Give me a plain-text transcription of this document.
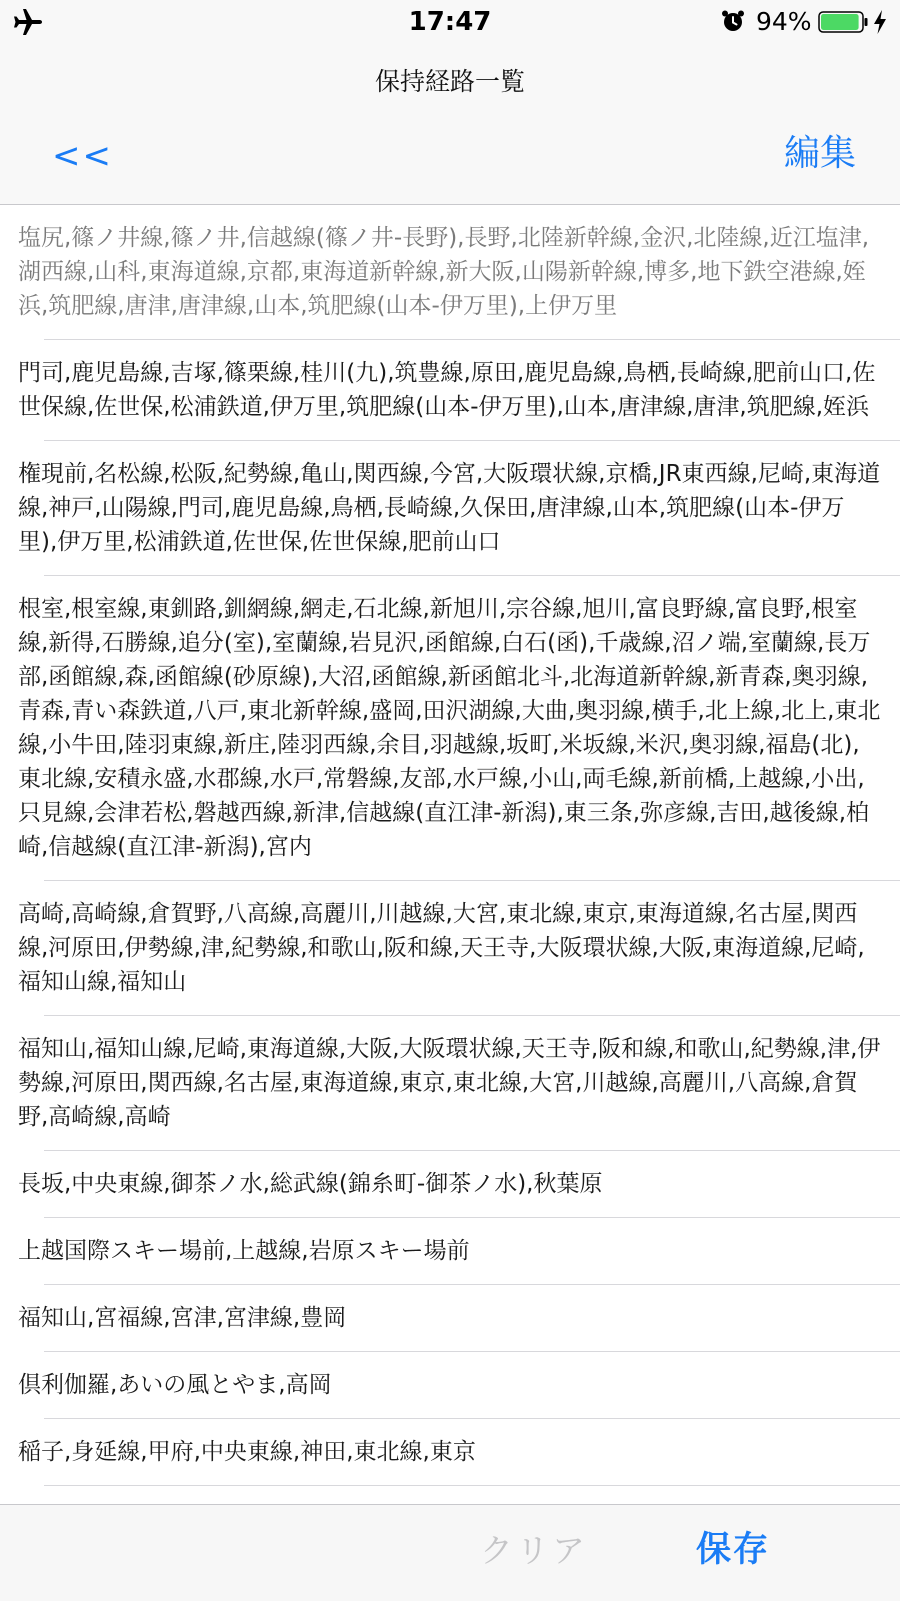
17:47	94%
保持経路一覧
<<	編集
塩尻,篠ノ井線,篠ノ井,信越線(篠ノ井-長野),長野,北陸新幹線,金沢,北陸線,近江塩津,湖西線,山科,東海道線,京都,東海道新幹線,新大阪,山陽新幹線,博多,地下鉄空港線,姪浜,筑肥線,唐津,唐津線,山本,筑肥線(山本-伊万里),上伊万里
門司,鹿児島線,吉塚,篠栗線,桂川(九),筑豊線,原田,鹿児島線,鳥栖,長崎線,肥前山口,佐世保線,佐世保,松浦鉄道,伊万里,筑肥線(山本-伊万里),山本,唐津線,唐津,筑肥線,姪浜
権現前,名松線,松阪,紀勢線,亀山,関西線,今宮,大阪環状線,京橋,JR東西線,尼崎,東海道線,神戸,山陽線,門司,鹿児島線,鳥栖,長崎線,久保田,唐津線,山本,筑肥線(山本-伊万里),伊万里,松浦鉄道,佐世保,佐世保線,肥前山口
根室,根室線,東釧路,釧網線,網走,石北線,新旭川,宗谷線,旭川,富良野線,富良野,根室線,新得,石勝線,追分(室),室蘭線,岩見沢,函館線,白石(函),千歳線,沼ノ端,室蘭線,長万部,函館線,森,函館線(砂原線),大沼,函館線,新函館北斗,北海道新幹線,新青森,奥羽線,青森,青い森鉄道,八戸,東北新幹線,盛岡,田沢湖線,大曲,奥羽線,横手,北上線,北上,東北線,小牛田,陸羽東線,新庄,陸羽西線,余目,羽越線,坂町,米坂線,米沢,奥羽線,福島(北),東北線,安積永盛,水郡線,水戸,常磐線,友部,水戸線,小山,両毛線,新前橋,上越線,小出,只見線,会津若松,磐越西線,新津,信越線(直江津-新潟),東三条,弥彦線,吉田,越後線,柏崎,信越線(直江津-新潟),宮内
高崎,高崎線,倉賀野,八高線,高麗川,川越線,大宮,東北線,東京,東海道線,名古屋,関西線,河原田,伊勢線,津,紀勢線,和歌山,阪和線,天王寺,大阪環状線,大阪,東海道線,尼崎,福知山線,福知山
福知山,福知山線,尼崎,東海道線,大阪,大阪環状線,天王寺,阪和線,和歌山,紀勢線,津,伊勢線,河原田,関西線,名古屋,東海道線,東京,東北線,大宮,川越線,高麗川,八高線,倉賀野,高崎線,高崎
長坂,中央東線,御茶ノ水,総武線(錦糸町-御茶ノ水),秋葉原
上越国際スキー場前,上越線,岩原スキー場前
福知山,宮福線,宮津,宮津線,豊岡
倶利伽羅,あいの風とやま,高岡
稲子,身延線,甲府,中央東線,神田,東北線,東京
クリア	保存
